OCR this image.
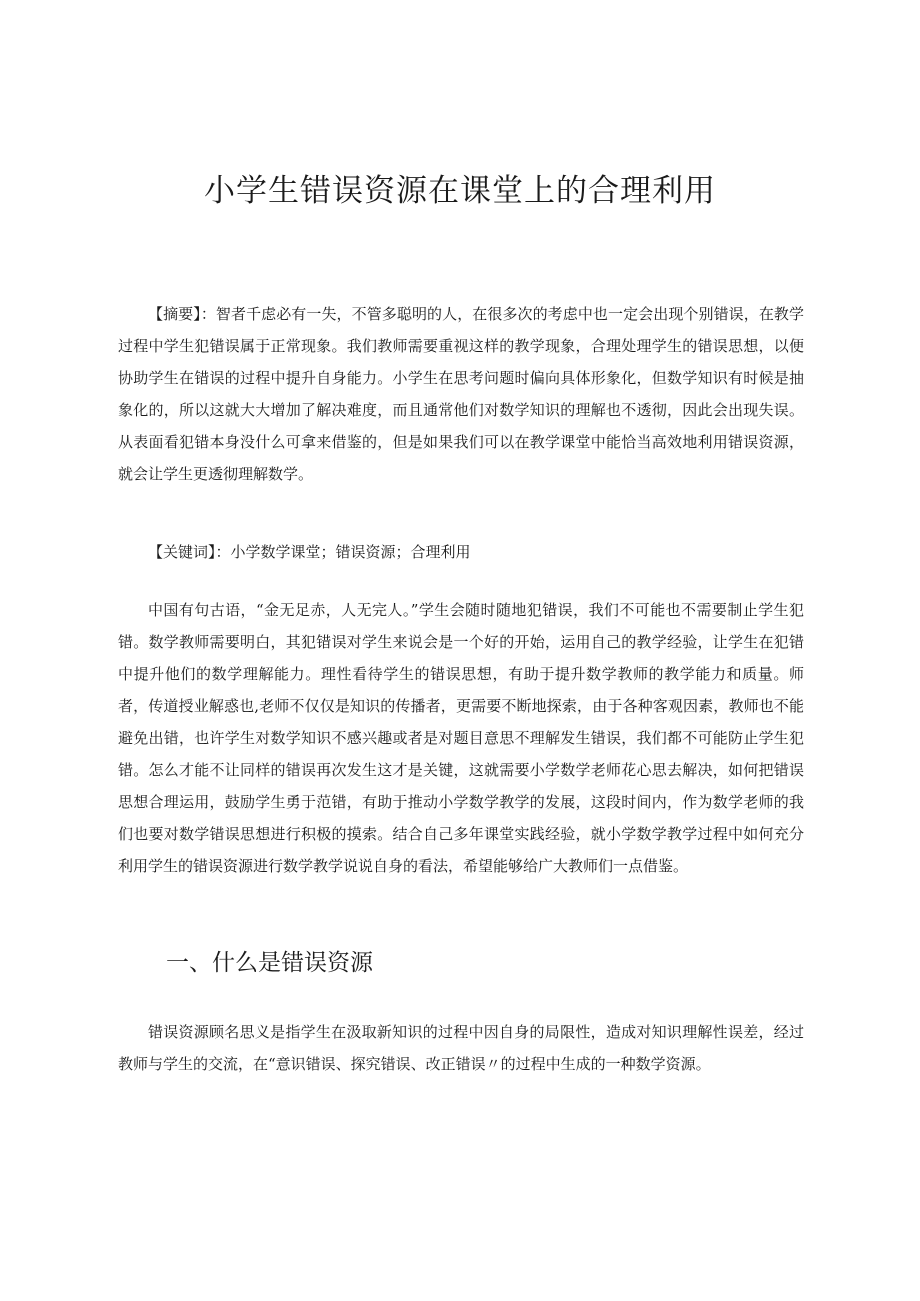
小学生错误资源在课堂上的合理利用

【摘要】：智者千虑必有一失，不管多聪明的人，在很多次的考虑中也一定会出现个别错误，在教学过程中学生犯错误属于正常现象。我们教师需要重视这样的教学现象，合理处理学生的错误思想，以便协助学生在错误的过程中提升自身能力。小学生在思考问题时偏向具体形象化，但数学知识有时候是抽象化的，所以这就大大增加了解决难度，而且通常他们对数学知识的理解也不透彻，因此会出现失误。从表面看犯错本身没什么可拿来借鉴的，但是如果我们可以在教学课堂中能恰当高效地利用错误资源，就会让学生更透彻理解数学。

【关键词】：小学数学课堂；错误资源；合理利用

中国有句古语，“金无足赤，人无完人。”学生会随时随地犯错误，我们不可能也不需要制止学生犯错。数学教师需要明白，其犯错误对学生来说会是一个好的开始，运用自己的教学经验，让学生在犯错中提升他们的数学理解能力。理性看待学生的错误思想，有助于提升数学教师的教学能力和质量。师者，传道授业解惑也,老师不仅仅是知识的传播者，更需要不断地探索，由于各种客观因素，教师也不能避免出错，也许学生对数学知识不感兴趣或者是对题目意思不理解发生错误，我们都不可能防止学生犯错。怎么才能不让同样的错误再次发生这才是关键，这就需要小学数学老师花心思去解决，如何把错误思想合理运用，鼓励学生勇于范错，有助于推动小学数学教学的发展，这段时间内，作为数学老师的我们也要对数学错误思想进行积极的摸索。结合自己多年课堂实践经验，就小学数学教学过程中如何充分利用学生的错误资源进行数学教学说说自身的看法，希望能够给广大教师们一点借鉴。

一、什么是错误资源

错误资源顾名思义是指学生在汲取新知识的过程中因自身的局限性，造成对知识理解性误差，经过教师与学生的交流，在“意识错误、探究错误、改正错误〃的过程中生成的一种数学资源。
